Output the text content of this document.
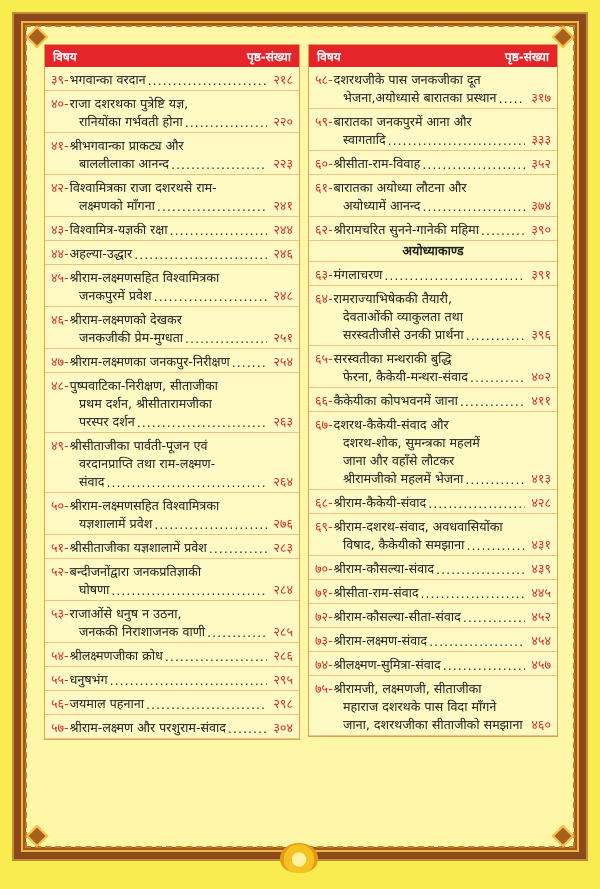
विषय	पृष्ठ-संख्या
३९- भगवान्का वरदान .....	२१८
४०- राजा दशरथका पुत्रेष्टि यज्ञ,
रानियोंका गर्भवती होना .....	२२०
४१- श्रीभगवान्का प्राकट्य और
बाललीलाका आनन्द .....	२२३
४२- विश्वामित्रका राजा दशरथसे राम-
लक्ष्मणको माँगना .....	२४१
४३- विश्वामित्र-यज्ञकी रक्षा .....	२४४
४४- अहल्या-उद्धार .....	२४६
४५- श्रीराम-लक्ष्मणसहित विश्वामित्रका
जनकपुरमें प्रवेश .....	२४८
४६- श्रीराम-लक्ष्मणको देखकर
जनकजीकी प्रेम-मुग्धता .....	२५१
४७- श्रीराम-लक्ष्मणका जनकपुर-निरीक्षण .....	२५४
४८- पुष्पवाटिका-निरीक्षण, सीताजीका
प्रथम दर्शन, श्रीसीतारामजीका
परस्पर दर्शन .....	२६३
४९- श्रीसीताजीका पार्वती-पूजन एवं
वरदानप्राप्ति तथा राम-लक्ष्मण-
संवाद .....	२६४
५०- श्रीराम-लक्ष्मणसहित विश्वामित्रका
यज्ञशालामें प्रवेश .....	२७६
५१- श्रीसीताजीका यज्ञशालामें प्रवेश .....	२८३
५२- बन्दीजनोंद्वारा जनकप्रतिज्ञाकी
घोषणा .....	२८४
५३- राजाओंसे धनुष न उठना,
जनककी निराशाजनक वाणी .....	२८५
५४- श्रीलक्ष्मणजीका क्रोध .....	२८६
५५- धनुषभंग .....	२९५
५६- जयमाल पहनाना .....	२९८
५७- श्रीराम-लक्ष्मण और परशुराम-संवाद .....	३०४
विषय	पृष्ठ-संख्या
५८- दशरथजीके पास जनकजीका दूत
भेजना,अयोध्यासे बारातका प्रस्थान .....	३१७
५९- बारातका जनकपुरमें आना और
स्वागतादि .....	३३३
६०- श्रीसीता-राम-विवाह .....	३५२
६१- बारातका अयोध्या लौटना और
अयोध्यामें आनन्द .....	३७४
६२- श्रीरामचरित सुनने-गानेकी महिमा .....	३९०
अयोध्याकाण्ड
६३- मंगलाचरण .....	३९१
६४- रामराज्याभिषेककी तैयारी,
देवताओंकी व्याकुलता तथा
सरस्वतीजीसे उनकी प्रार्थना .....	३९६
६५- सरस्वतीका मन्थराकी बुद्धि
फेरना, कैकेयी-मन्थरा-संवाद .....	४०२
६६- कैकेयीका कोपभवनमें जाना .....	४११
६७- दशरथ-कैकेयी-संवाद और
दशरथ-शोक, सुमन्त्रका महलमें
जाना और वहाँसे लौटकर
श्रीरामजीको महलमें भेजना .....	४१३
६८- श्रीराम-कैकेयी-संवाद .....	४२८
६९- श्रीराम-दशरथ-संवाद, अवधवासियोंका
विषाद, कैकेयीको समझाना .....	४३१
७०- श्रीराम-कौसल्या-संवाद .....	४३९
७१- श्रीसीता-राम-संवाद .....	४४५
७२- श्रीराम-कौसल्या-सीता-संवाद .....	४५२
७३- श्रीराम-लक्ष्मण-संवाद .....	४५४
७४- श्रीलक्ष्मण-सुमित्रा-संवाद .....	४५७
७५- श्रीरामजी, लक्ष्मणजी, सीताजीका
महाराज दशरथके पास विदा माँगने
जाना, दशरथजीका सीताजीको समझाना ..... ४६०
